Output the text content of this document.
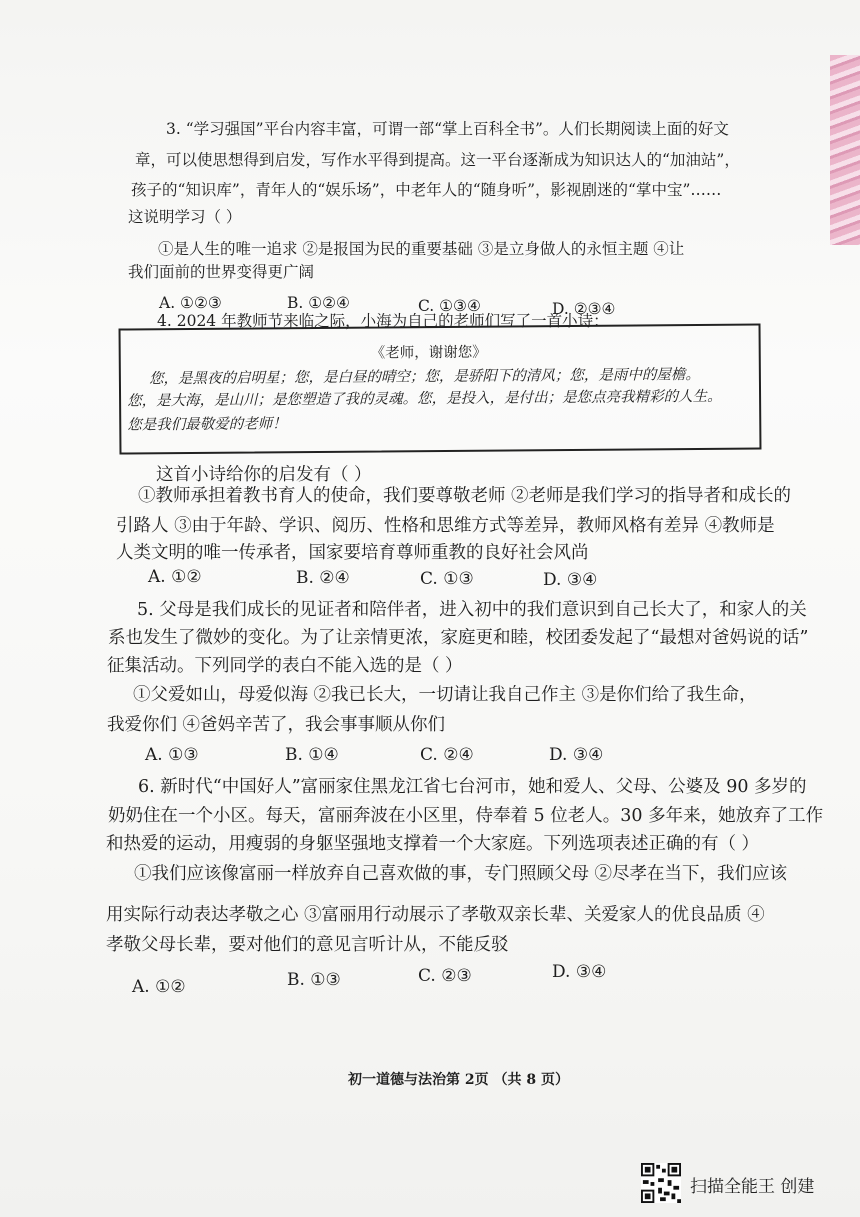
3. “学习强国”平台内容丰富，可谓一部“掌上百科全书”。人们长期阅读上面的好文
章，可以使思想得到启发，写作水平得到提高。这一平台逐渐成为知识达人的“加油站”，
孩子的“知识库”，青年人的“娱乐场”，中老年人的“随身听”，影视剧迷的“掌中宝”……
这说明学习（ ）
①是人生的唯一追求 ②是报国为民的重要基础 ③是立身做人的永恒主题 ④让
我们面前的世界变得更广阔
A. ①②③	B. ①②④	C. ①③④	D. ②③④
4. 2024 年教师节来临之际，小海为自己的老师们写了一首小诗：
《老师，谢谢您》
您，是黑夜的启明星；您，是白昼的晴空；您，是骄阳下的清风；您，是雨中的屋檐。
您，是大海，是山川；是您塑造了我的灵魂。您，是投入，是付出；是您点亮我精彩的人生。
您是我们最敬爱的老师！
这首小诗给你的启发有（ ）
①教师承担着教书育人的使命，我们要尊敬老师 ②老师是我们学习的指导者和成长的
引路人 ③由于年龄、学识、阅历、性格和思维方式等差异，教师风格有差异 ④教师是
人类文明的唯一传承者，国家要培育尊师重教的良好社会风尚
A. ①②	B. ②④	C. ①③	D. ③④
5. 父母是我们成长的见证者和陪伴者，进入初中的我们意识到自己长大了，和家人的关
系也发生了微妙的变化。为了让亲情更浓，家庭更和睦，校团委发起了“最想对爸妈说的话”
征集活动。下列同学的表白不能入选的是（ ）
①父爱如山，母爱似海 ②我已长大，一切请让我自己作主 ③是你们给了我生命，
我爱你们 ④爸妈辛苦了，我会事事顺从你们
A. ①③	B. ①④	C. ②④	D. ③④
6. 新时代“中国好人”富丽家住黑龙江省七台河市，她和爱人、父母、公婆及 90 多岁的
奶奶住在一个小区。每天，富丽奔波在小区里，侍奉着 5 位老人。30 多年来，她放弃了工作
和热爱的运动，用瘦弱的身躯坚强地支撑着一个大家庭。下列选项表述正确的有（ ）
①我们应该像富丽一样放弃自己喜欢做的事，专门照顾父母 ②尽孝在当下，我们应该
用实际行动表达孝敬之心 ③富丽用行动展示了孝敬双亲长辈、关爱家人的优良品质 ④
孝敬父母长辈，要对他们的意见言听计从，不能反驳
A. ①②	B. ①③	C. ②③	D. ③④
初一道德与法治第 2页 （共 8 页）
扫描全能王 创建
